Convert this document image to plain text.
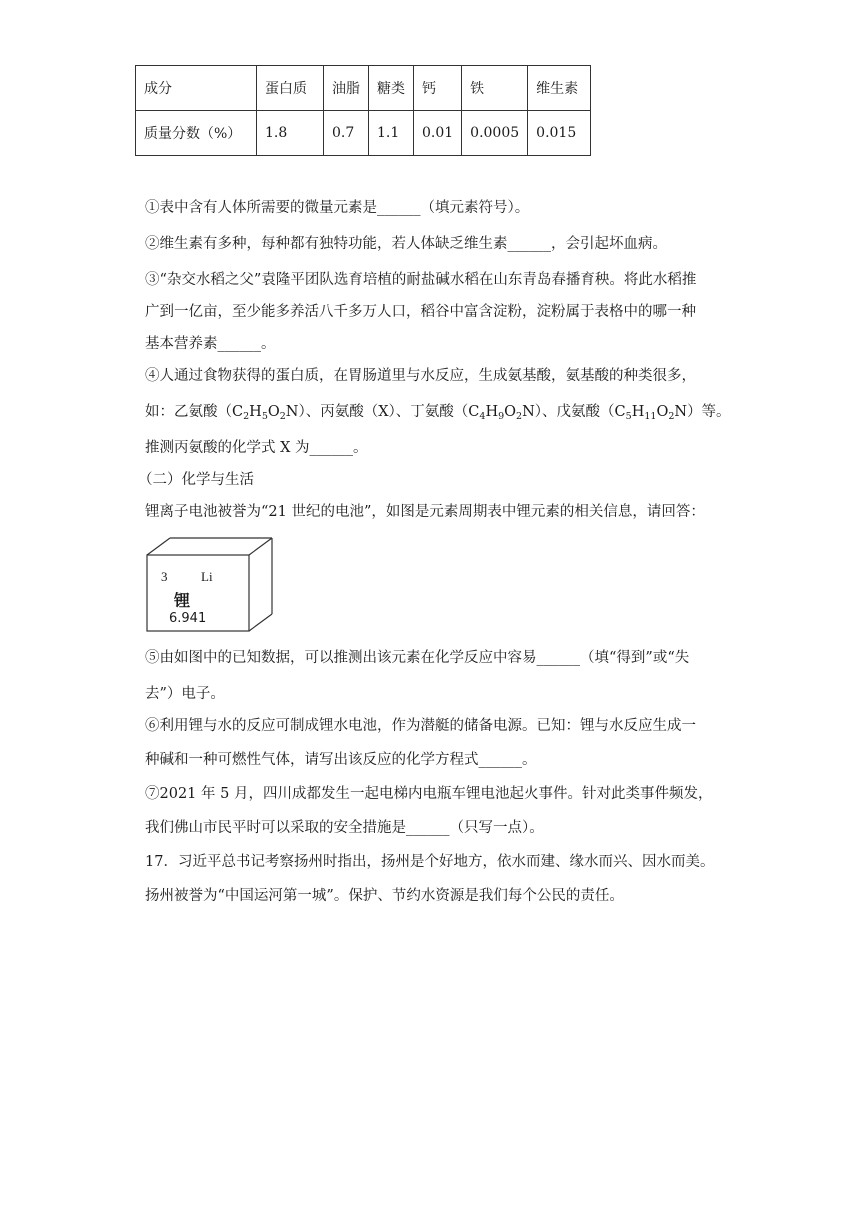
成分	蛋白质	油脂	糖类	钙	铁	维生素
质量分数（%）	1.8	0.7	1.1	0.01	0.0005	0.015
①表中含有人体所需要的微量元素是______（填元素符号）。
②维生素有多种，每种都有独特功能，若人体缺乏维生素______，会引起坏血病。
③“杂交水稻之父”袁隆平团队选育培植的耐盐碱水稻在山东青岛春播育秧。将此水稻推
广到一亿亩，至少能多养活八千多万人口，稻谷中富含淀粉，淀粉属于表格中的哪一种
基本营养素______。
④人通过食物获得的蛋白质，在胃肠道里与水反应，生成氨基酸，氨基酸的种类很多，
如：乙氨酸$(C_2H_5O_2N)$、丙氨酸（X）、丁氨酸$(C_4H_9O_2N)$、戊氨酸$(C_5H_{11}O_2N)$等。
推测丙氨酸的化学式 X 为______。
（二）化学与生活
锂离子电池被誉为“21 世纪的电池”，如图是元素周期表中锂元素的相关信息，请回答：
3	Li
锂
6.941
⑤由如图中的已知数据，可以推测出该元素在化学反应中容易______（填“得到”或“失
去”）电子。
⑥利用锂与水的反应可制成锂水电池，作为潜艇的储备电源。已知：锂与水反应生成一
种碱和一种可燃性气体，请写出该反应的化学方程式______。
⑦2021 年 5 月，四川成都发生一起电梯内电瓶车锂电池起火事件。针对此类事件频发，
我们佛山市民平时可以采取的安全措施是______（只写一点）。
17．习近平总书记考察扬州时指出，扬州是个好地方，依水而建、缘水而兴、因水而美。
扬州被誉为“中国运河第一城”。保护、节约水资源是我们每个公民的责任。
